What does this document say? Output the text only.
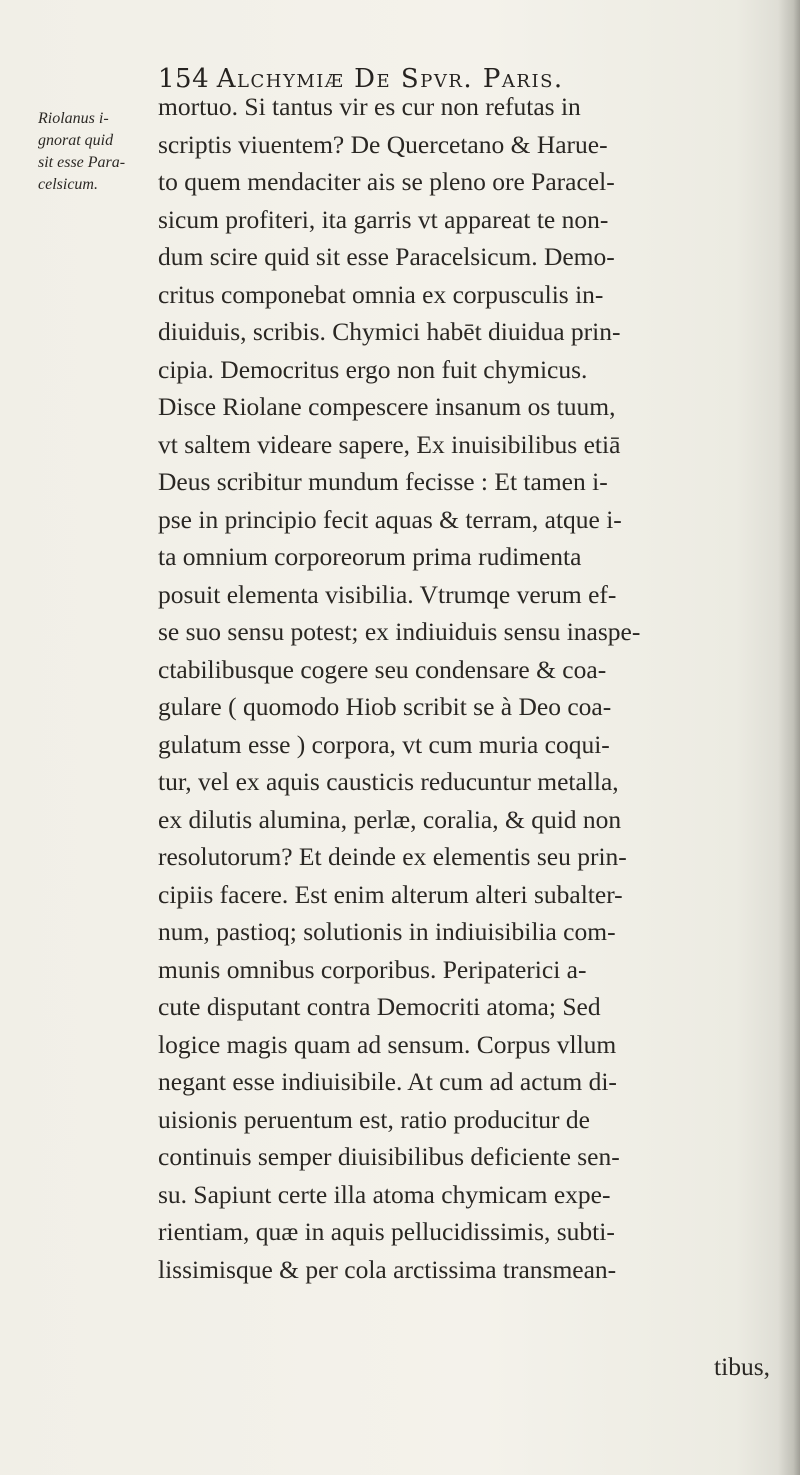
154 Alchymiæ De Spvr. Paris.
Riolanus i-
gnorat quid
sit esse Para-
celsicum.
mortuo. Si tantus vir es cur non refutas in
scriptis viuentem? De Quercetano & Harue-
to quem mendaciter ais se pleno ore Paracel-
sicum profiteri, ita garris vt appareat te non-
dum scire quid sit esse Paracelsicum. Demo-
critus componebat omnia ex corpusculis in-
diuiduis, scribis. Chymici habēt diuidua prin-
cipia. Democritus ergo non fuit chymicus.
Disce Riolane compescere insanum os tuum,
vt saltem videare sapere, Ex inuisibilibus etiā
Deus scribitur mundum fecisse : Et tamen i-
pse in principio fecit aquas & terram, atque i-
ta omnium corporeorum prima rudimenta
posuit elementa visibilia. Vtrumqe verum ef-
se suo sensu potest; ex indiuiduis sensu inaspe-
ctabilibusque cogere seu condensare & coa-
gulare ( quomodo Hiob scribit se à Deo coa-
gulatum esse ) corpora, vt cum muria coqui-
tur, vel ex aquis causticis reducuntur metalla,
ex dilutis alumina, perlæ, coralia, & quid non
resolutorum? Et deinde ex elementis seu prin-
cipiis facere. Est enim alterum alteri subalter-
num, pastioq; solutionis in indiuisibilia com-
munis omnibus corporibus. Peripaterici a-
cute disputant contra Democriti atoma; Sed
logice magis quam ad sensum. Corpus vllum
negant esse indiuisibile. At cum ad actum di-
uisionis peruentum est, ratio producitur de
continuis semper diuisibilibus deficiente sen-
su. Sapiunt certe illa atoma chymicam expe-
rientiam, quæ in aquis pellucidissimis, subti-
lissimisque & per cola arctissima transmean-
tibus,
